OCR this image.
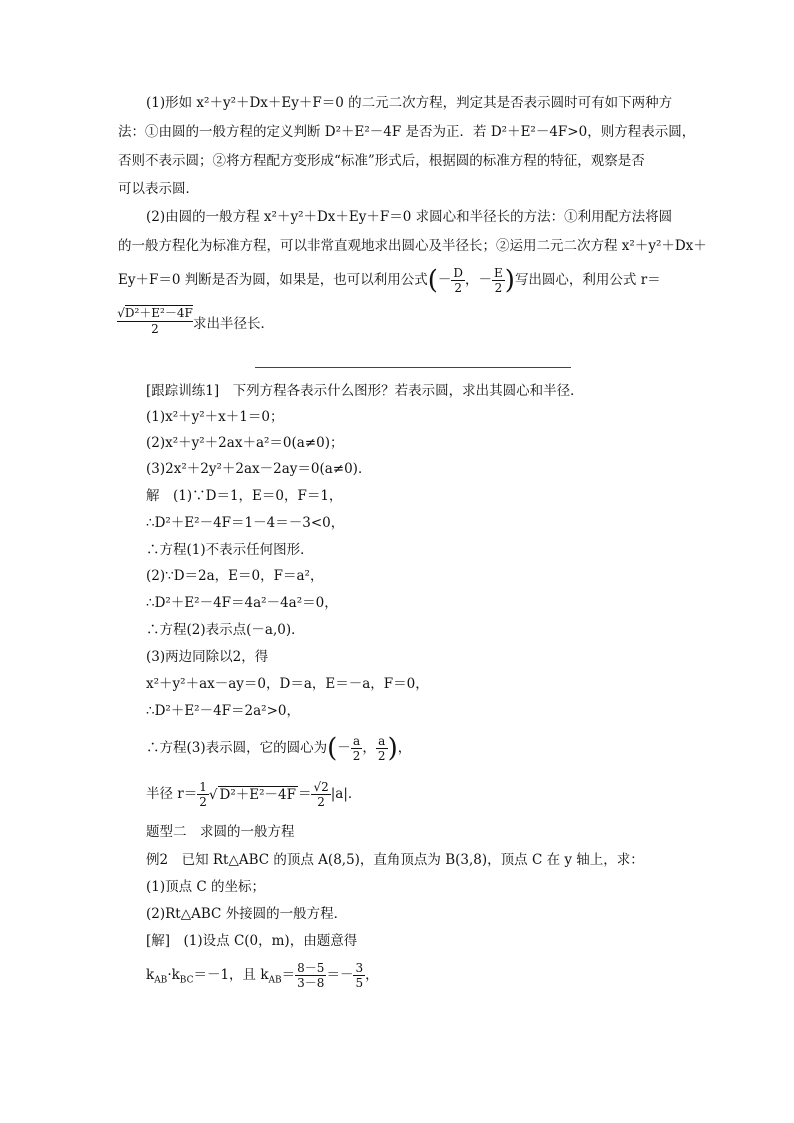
(1)形如 x²＋y²＋Dx＋Ey＋F＝0 的二元二次方程，判定其是否表示圆时可有如下两种方
法：①由圆的一般方程的定义判断 D²＋E²－4F 是否为正．若 D²＋E²－4F>0，则方程表示圆，
否则不表示圆；②将方程配方变形成“标准”形式后，根据圆的标准方程的特征，观察是否
可以表示圆．
(2)由圆的一般方程 x²＋y²＋Dx＋Ey＋F＝0 求圆心和半径长的方法：①利用配方法将圆
的一般方程化为标准方程，可以非常直观地求出圆心及半径长；②运用二元二次方程 x²＋y²＋Dx＋
Ey＋F＝0 判断是否为圆，如果是，也可以利用公式(－ $\frac{D}{2}$ ，－ $\frac{E}{2}$ )写出圆心，利用公式 r＝
$\frac{\text{√D²＋E²－4F}}{2}$ 求出半径长．
[跟踪训练1]　下列方程各表示什么图形？若表示圆，求出其圆心和半径．
(1)x²＋y²＋x＋1＝0；
(2)x²＋y²＋2ax＋a²＝0(a≠0)；
(3)2x²＋2y²＋2ax－2ay＝0(a≠0)．
解　(1)∵D＝1，E＝0，F＝1，
∴D²＋E²－4F＝1－4＝－3<0，
∴方程(1)不表示任何图形．
(2)∵D＝2a，E＝0，F＝a²，
∴D²＋E²－4F＝4a²－4a²＝0，
∴方程(2)表示点(－a,0)．
(3)两边同除以2，得
x²＋y²＋ax－ay＝0，D＝a，E＝－a，F＝0，
∴D²＋E²－4F＝2a²>0，
∴方程(3)表示圆，它的圆心为(－ $\frac{a}{2}$ ， $\frac{a}{2}$ )，
半径 $r= \frac{1}{2}$ √ $D^2+E^2-4F = \frac{√2}{2} |a|$．
题型二　求圆的一般方程
例2　已知 Rt△ABC 的顶点 A(8,5)，直角顶点为 B(3,8)，顶点 C 在 y 轴上，求：
(1)顶点 C 的坐标；
(2)Rt△ABC 外接圆的一般方程．
[解]　(1)设点 C(0，m)，由题意得
$k_{AB}\cdot k_{BC}=-1$，且 $k_{AB}= \frac{8-5}{3-8} =- \frac{3}{5}$ ，
